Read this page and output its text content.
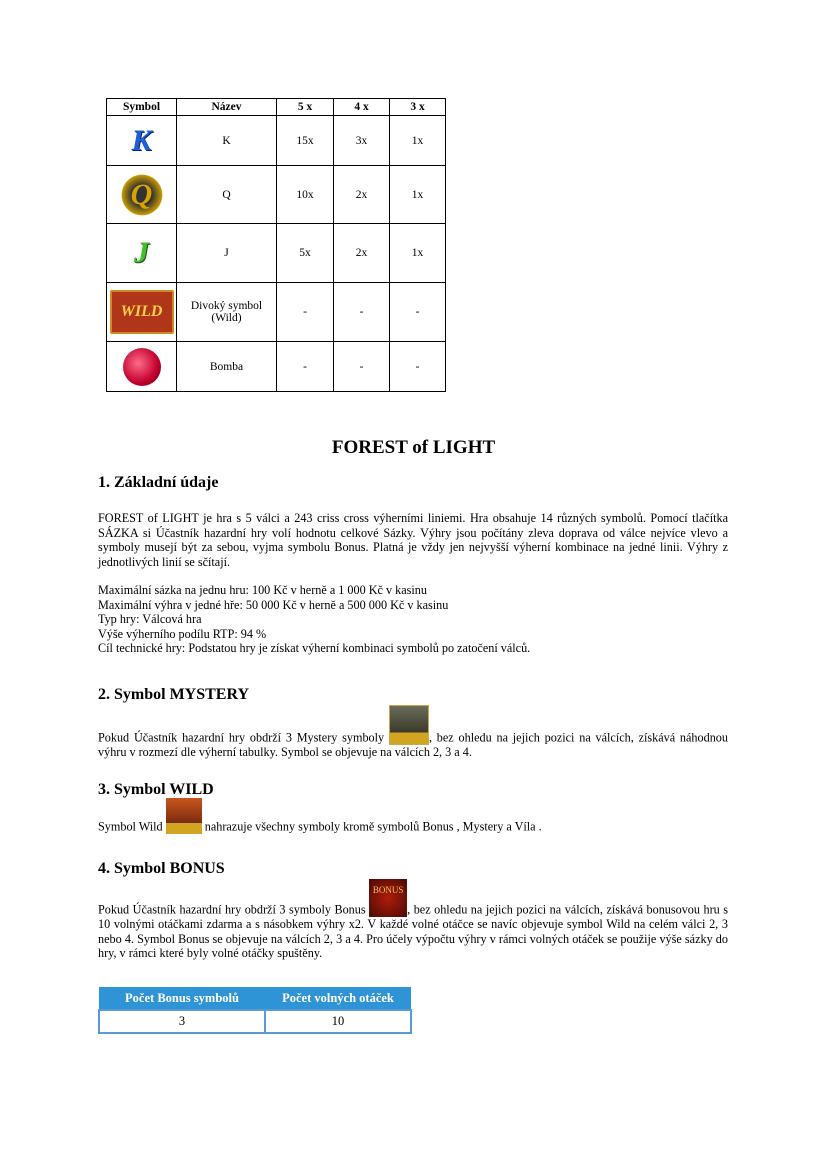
Symbol	Název	5 x	4 x	3 x
K	K	15x	3x	1x
Q	Q	10x	2x	1x
J	J	5x	2x	1x
WILD	Divoký symbol (Wild)	-	-	-
	Bomba	-	-	-
FOREST of LIGHT
1. Základní údaje

FOREST of LIGHT je hra s 5 válci a 243 criss cross výherními liniemi. Hra obsahuje 14 různých symbolů. Pomocí tlačítka SÁZKA si Účastník hazardní hry volí hodnotu celkové Sázky. Výhry jsou počítány zleva doprava od válce nejvíce vlevo a symboly musejí být za sebou, vyjma symbolu Bonus. Platná je vždy jen nejvyšší výherní kombinace na jedné linii. Výhry z jednotlivých linií se sčítají.

Maximální sázka na jednu hru: 100 Kč v herně a 1 000 Kč v kasinu
Maximální výhra v jedné hře: 50 000 Kč v herně a 500 000 Kč v kasinu
Typ hry: Válcová hra
Výše výherního podílu RTP: 94 %
Cíl technické hry: Podstatou hry je získat výherní kombinaci symbolů po zatočení válců.
2. Symbol MYSTERY

Pokud Účastník hazardní hry obdrží 3 Mystery symboly	, bez ohledu na jejich pozici na válcích, získává náhodnou výhru v rozmezí dle výherní tabulky. Symbol se objevuje na válcích 2, 3 a 4.

3. Symbol WILD

Symbol Wild	nahrazuje všechny symboly kromě symbolů Bonus , Mystery a Víla .

4. Symbol BONUS

Pokud Účastník hazardní hry obdrží 3 symboly Bonus BONUS, bez ohledu na jejich pozici na válcích, získává bonusovou hru s 10 volnými otáčkami zdarma a s násobkem výhry x2. V každé volné otáčce se navíc objevuje symbol Wild na celém válci 2, 3 nebo 4. Symbol Bonus se objevuje na válcích 2, 3 a 4. Pro účely výpočtu výhry v rámci volných otáček se použije výše sázky do hry, v rámci které byly volné otáčky spuštěny.

Počet Bonus symbolů	Počet volných otáček
3	10
